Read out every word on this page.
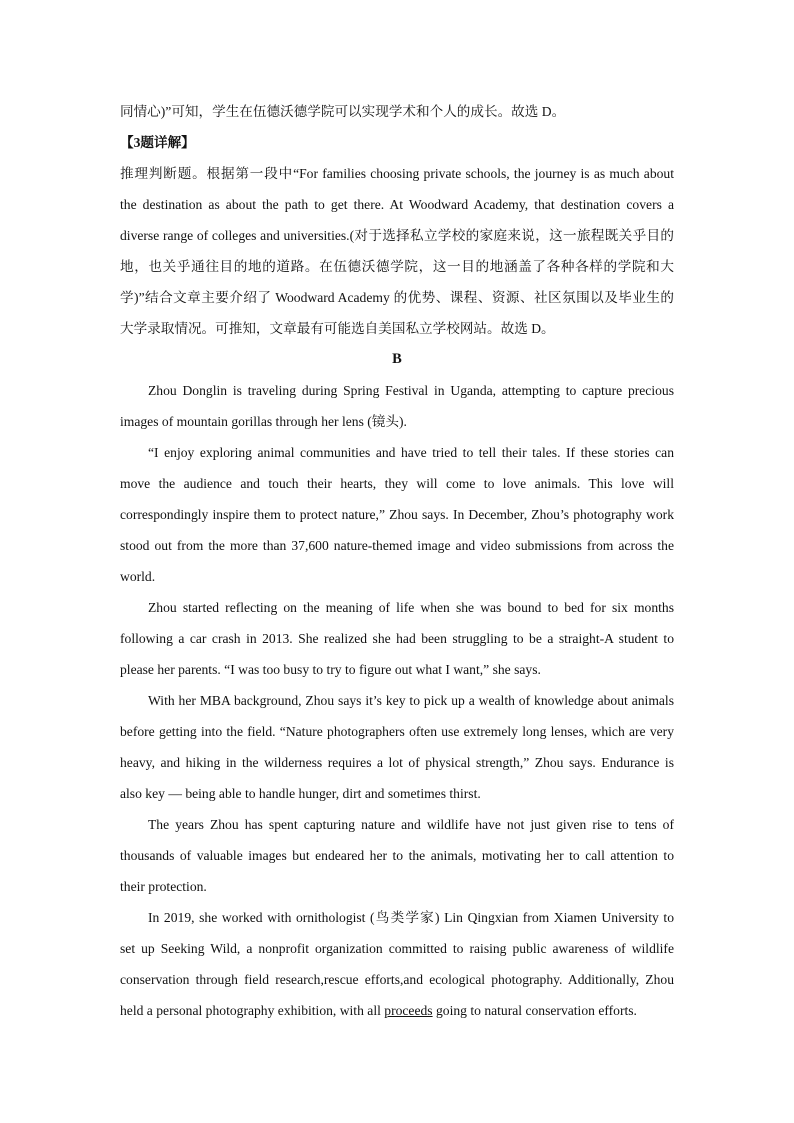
同情心)”可知，学生在伍德沃德学院可以实现学术和个人的成长。故选 D。
【3题详解】
推理判断题。根据第一段中“For families choosing private schools, the journey is as much about
the destination as about the path to get there. At Woodward Academy, that destination covers a
diverse range of colleges and universities.(对于选择私立学校的家庭来说，这一旅程既关乎目的
地，也关乎通往目的地的道路。在伍德沃德学院，这一目的地涵盖了各种各样的学院和大
学)”结合文章主要介绍了 Woodward Academy 的优势、课程、资源、社区氛围以及毕业生的
大学录取情况。可推知，文章最有可能选自美国私立学校网站。故选 D。
B
Zhou Donglin is traveling during Spring Festival in Uganda, attempting to capture precious
images of mountain gorillas through her lens (镜头).
“I enjoy exploring animal communities and have tried to tell their tales. If these stories can
move the audience and touch their hearts, they will come to love animals. This love will
correspondingly inspire them to protect nature,” Zhou says. In December, Zhou’s photography work
stood out from the more than 37,600 nature-themed image and video submissions from across the
world.
Zhou started reflecting on the meaning of life when she was bound to bed for six months
following a car crash in 2013. She realized she had been struggling to be a straight-A student to
please her parents. “I was too busy to try to figure out what I want,” she says.
With her MBA background, Zhou says it’s key to pick up a wealth of knowledge about animals
before getting into the field. “Nature photographers often use extremely long lenses, which are very
heavy, and hiking in the wilderness requires a lot of physical strength,” Zhou says. Endurance is
also key — being able to handle hunger, dirt and sometimes thirst.
The years Zhou has spent capturing nature and wildlife have not just given rise to tens of
thousands of valuable images but endeared her to the animals, motivating her to call attention to
their protection.
In 2019, she worked with ornithologist (鸟类学家) Lin Qingxian from Xiamen University to
set up Seeking Wild, a nonprofit organization committed to raising public awareness of wildlife
conservation through field research,rescue efforts,and ecological photography. Additionally, Zhou
held a personal photography exhibition, with all proceeds going to natural conservation efforts.
